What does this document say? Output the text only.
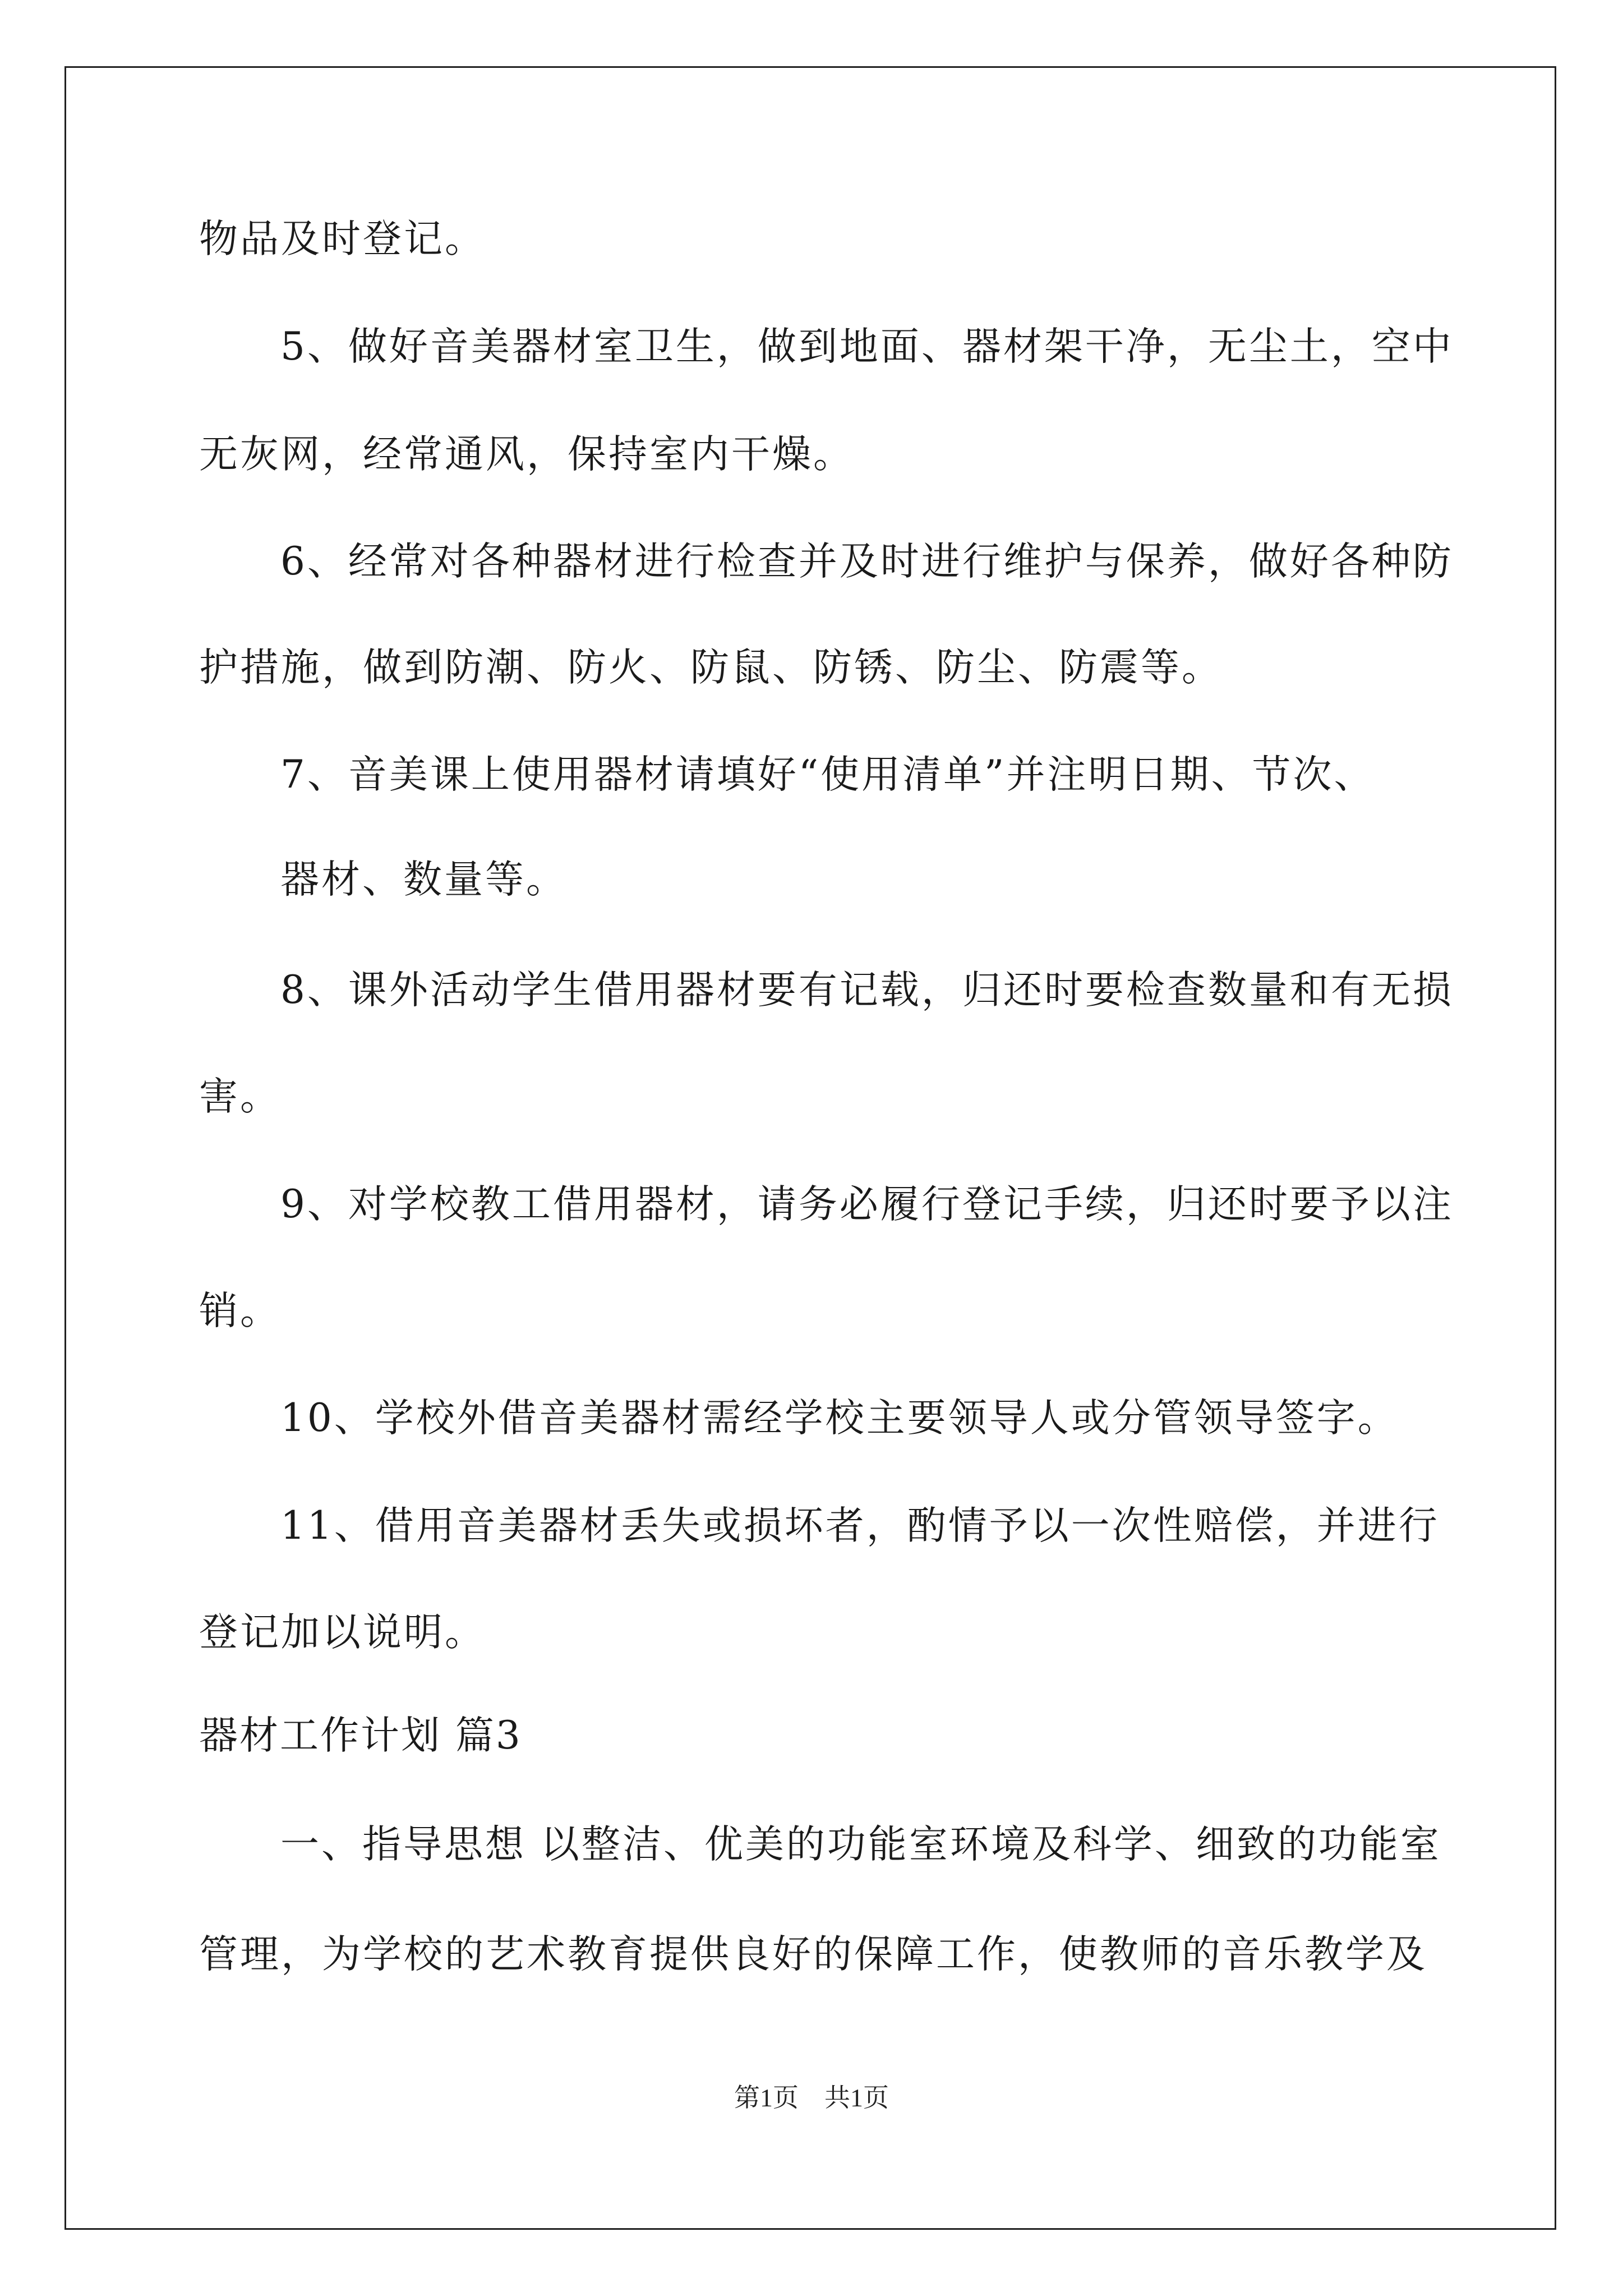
物品及时登记。
5、做好音美器材室卫生，做到地面、器材架干净，无尘土，空中
无灰网，经常通风，保持室内干燥。
6、经常对各种器材进行检查并及时进行维护与保养，做好各种防
护措施，做到防潮、防火、防鼠、防锈、防尘、防震等。
7、音美课上使用器材请填好“使用清单”并注明日期、节次、
器材、数量等。
8、课外活动学生借用器材要有记载，归还时要检查数量和有无损
害。
9、对学校教工借用器材，请务必履行登记手续，归还时要予以注
销。
10、学校外借音美器材需经学校主要领导人或分管领导签字。
11、借用音美器材丢失或损坏者，酌情予以一次性赔偿，并进行
登记加以说明。
器材工作计划 篇3
一、指导思想 以整洁、优美的功能室环境及科学、细致的功能室
管理，为学校的艺术教育提供良好的保障工作，使教师的音乐教学及
第1页　共1页
